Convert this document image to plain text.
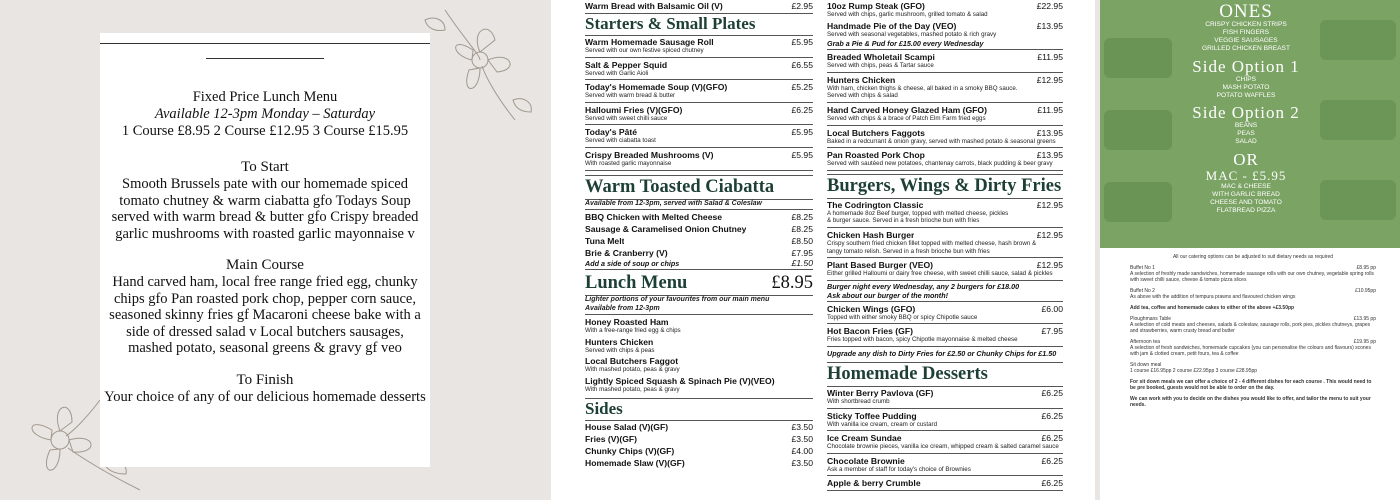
Fixed Price Lunch Menu
Available 12-3pm Monday – Saturday
1 Course £8.95 2 Course £12.95 3 Course £15.95
To Start
Smooth Brussels pate with our homemade spiced tomato chutney & warm ciabatta gfo Todays Soup served with warm bread & butter gfo Crispy breaded garlic mushrooms with roasted garlic mayonnaise v
Main Course
Hand carved ham, local free range fried egg, chunky chips gfo Pan roasted pork chop, pepper corn sauce, seasoned skinny fries gf Macaroni cheese bake with a side of dressed salad v Local butchers sausages, mashed potato, seasonal greens & gravy gf veo
To Finish
Your choice of any of our delicious homemade desserts
Warm Bread with Balsamic Oil (V)	£2.95
Starters & Small Plates
Warm Homemade Sausage Roll	£5.95
Served with our own festive spiced chutney
Salt & Pepper Squid	£6.55
Served with Garlic Aioli
Today's Homemade Soup (V)(GFO)	£5.25
Served with warm bread & butter
Halloumi Fries (V)(GFO)	£6.25
Served with sweet chilli sauce
Today's Pâté	£5.95
Served with ciabatta toast
Crispy Breaded Mushrooms (V)	£5.95
With roasted garlic mayonnaise
Warm Toasted Ciabatta
Available from 12-3pm, served with Salad & Coleslaw
BBQ Chicken with Melted Cheese	£8.25
Sausage & Caramelised Onion Chutney	£8.25
Tuna Melt	£8.50
Brie & Cranberry (V)	£7.95
Add a side of soup or chips	£1.50
Lunch Menu	£8.95
Lighter portions of your favourites from our main menu
Available from 12-3pm
Honey Roasted Ham
With a free-range fried egg & chips
Hunters Chicken
Served with chips & peas
Local Butchers Faggot
With mashed potato, peas & gravy
Lightly Spiced Squash & Spinach Pie (V)(VEO)
With mashed potato, peas & gravy
Sides
House Salad (V)(GF)	£3.50
Fries (V)(GF)	£3.50
Chunky Chips (V)(GF)	£4.00
Homemade Slaw (V)(GF)	£3.50
10oz Rump Steak (GFO)	£22.95
Served with chips, garlic mushroom, grilled tomato & salad
Handmade Pie of the Day (VEO)	£13.95
Served with seasonal vegetables, mashed potato & rich gravy
Grab a Pie & Pud for £15.00 every Wednesday
Breaded Wholetail Scampi	£11.95
Served with chips, peas & Tartar sauce
Hunters Chicken	£12.95
With ham, chicken thighs & cheese, all baked in a smoky BBQ sauce.
Served with chips & salad
Hand Carved Honey Glazed Ham (GFO)	£11.95
Served with chips & a brace of Patch Elm Farm fried eggs
Local Butchers Faggots	£13.95
Baked in a redcurrant & onion gravy, served with mashed potato & seasonal greens
Pan Roasted Pork Chop	£13.95
Served with sautéed new potatoes, chantenay carrots, black pudding & beer gravy
Burgers, Wings & Dirty Fries
The Codrington Classic	£12.95
A homemade 8oz Beef burger, topped with melted cheese, pickles
& burger sauce. Served in a fresh brioche bun with fries
Chicken Hash Burger	£12.95
Crispy southern fried chicken fillet topped with melted cheese, hash brown &
tangy tomato relish. Served in a fresh brioche bun with fries
Plant Based Burger (VEO)	£12.95
Either grilled Halloumi or dairy free cheese, with sweet chilli sauce, salad & pickles
Burger night every Wednesday, any 2 burgers for £18.00
Ask about our burger of the month!
Chicken Wings (GFO)	£6.00
Topped with either smoky BBQ or spicy Chipotle sauce
Hot Bacon Fries (GF)	£7.95
Fries topped with bacon, spicy Chipotle mayonnaise & melted cheese
Upgrade any dish to Dirty Fries for £2.50 or Chunky Chips for £1.50
Homemade Desserts
Winter Berry Pavlova (GF)	£6.25
With shortbread crumb
Sticky Toffee Pudding	£6.25
With vanilla ice cream, cream or custard
Ice Cream Sundae	£6.25
Chocolate brownie pieces, vanilla ice cream, whipped cream & salted caramel sauce
Chocolate Brownie	£6.25
Ask a member of staff for today's choice of Brownies
Apple & berry Crumble	£6.25
ONES
CRISPY CHICKEN STRIPS
FISH FINGERS
VEGGIE SAUSAGES
GRILLED CHICKEN BREAST
Side Option 1
CHIPS
MASH POTATO
POTATO WAFFLES
Side Option 2
BEANS
PEAS
SALAD
OR
MAC - £5.95
MAC & CHEESE
WITH GARLIC BREAD
CHEESE AND TOMATO
FLATBREAD PIZZA
All our catering options can be adjusted to suit dietary needs as required
Buffet No 1	£8.95 pp
A selection of freshly made sandwiches, homemade sausage rolls with our own chutney, vegetable spring rolls with sweet chilli sauce, cheese & tomato pizza slices
Buffet No 2	£10.95pp
As above with the addition of tempura prawns and flavoured chicken wings
Add tea, coffee and homemade cakes to either of the above +£3.50pp
Ploughmans Table	£13.95 pp
A selection of cold meats and cheeses, salads & coleslaw, sausage rolls, pork pies, pickles chutneys, grapes and strawberries, warm crusty bread and butter
Afternoon tea	£19.95 pp
A selection of fresh sandwiches, homemade cupcakes (you can personalise the colours and flavours) scones with jam & clotted cream, petit fours, tea & coffee
Sit down meal
1 course £16.95pp 2 course £22.95pp 3 course £28.95pp
For sit down meals we can offer a choice of 2 - 4 different dishes for each course . This would need to be pre booked, guests would not be able to order on the day.
We can work with you to decide on the dishes you would like to offer, and tailor the menu to suit your needs.
